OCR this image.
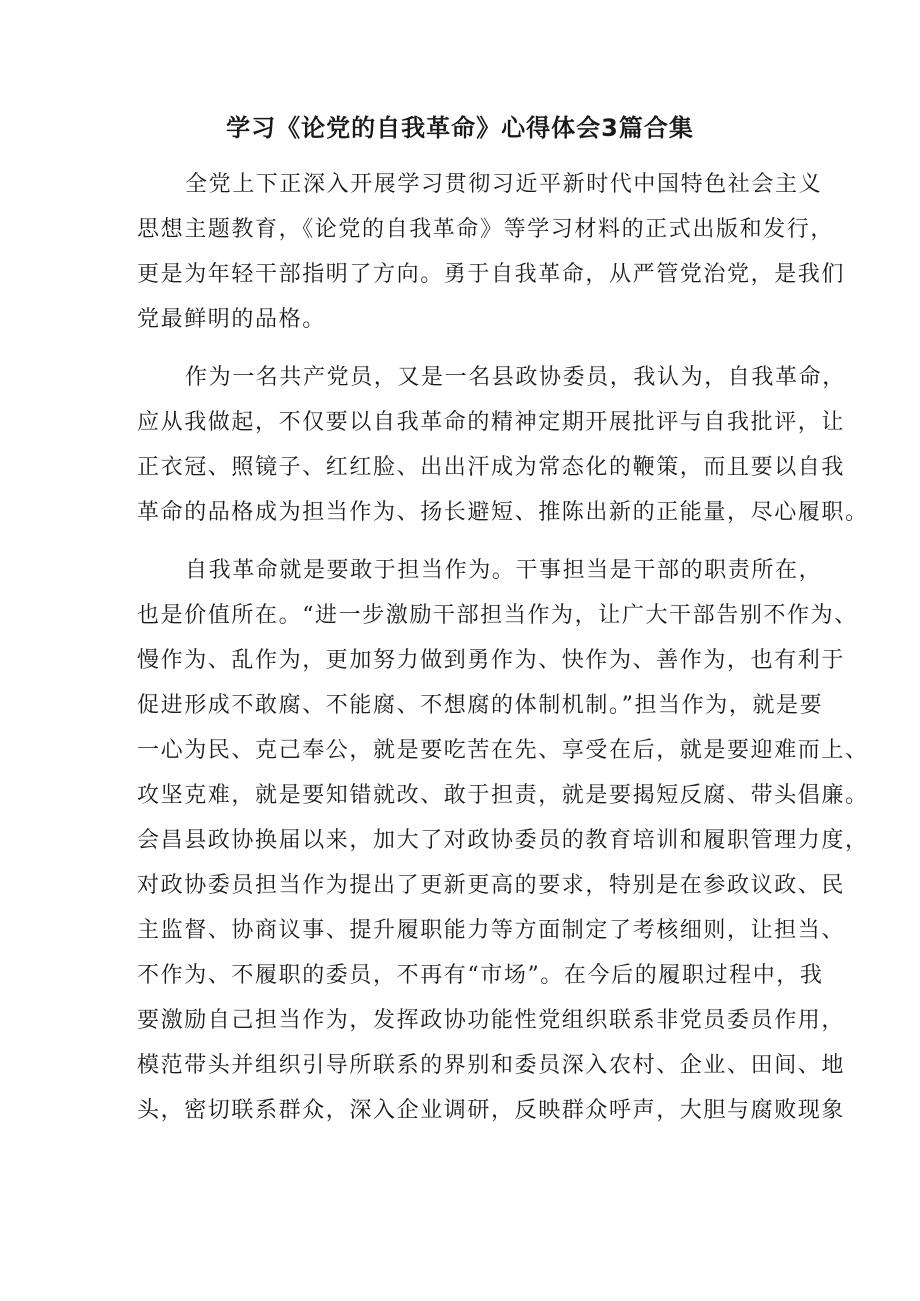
学习《论党的自我革命》心得体会3篇合集
全党上下正深入开展学习贯彻习近平新时代中国特色社会主义
思想主题教育，《论党的自我革命》等学习材料的正式出版和发行，
更是为年轻干部指明了方向。勇于自我革命，从严管党治党，是我们
党最鲜明的品格。
作为一名共产党员，又是一名县政协委员，我认为，自我革命，
应从我做起，不仅要以自我革命的精神定期开展批评与自我批评，让
正衣冠、照镜子、红红脸、出出汗成为常态化的鞭策，而且要以自我
革命的品格成为担当作为、扬长避短、推陈出新的正能量，尽心履职。
自我革命就是要敢于担当作为。干事担当是干部的职责所在，
也是价值所在。“进一步激励干部担当作为，让广大干部告别不作为、
慢作为、乱作为，更加努力做到勇作为、快作为、善作为，也有利于
促进形成不敢腐、不能腐、不想腐的体制机制。”担当作为，就是要
一心为民、克己奉公，就是要吃苦在先、享受在后，就是要迎难而上、
攻坚克难，就是要知错就改、敢于担责，就是要揭短反腐、带头倡廉。
会昌县政协换届以来，加大了对政协委员的教育培训和履职管理力度，
对政协委员担当作为提出了更新更高的要求，特别是在参政议政、民
主监督、协商议事、提升履职能力等方面制定了考核细则，让担当、
不作为、不履职的委员，不再有“市场”。在今后的履职过程中，我
要激励自己担当作为，发挥政协功能性党组织联系非党员委员作用，
模范带头并组织引导所联系的界别和委员深入农村、企业、田间、地
头，密切联系群众，深入企业调研，反映群众呼声，大胆与腐败现象
